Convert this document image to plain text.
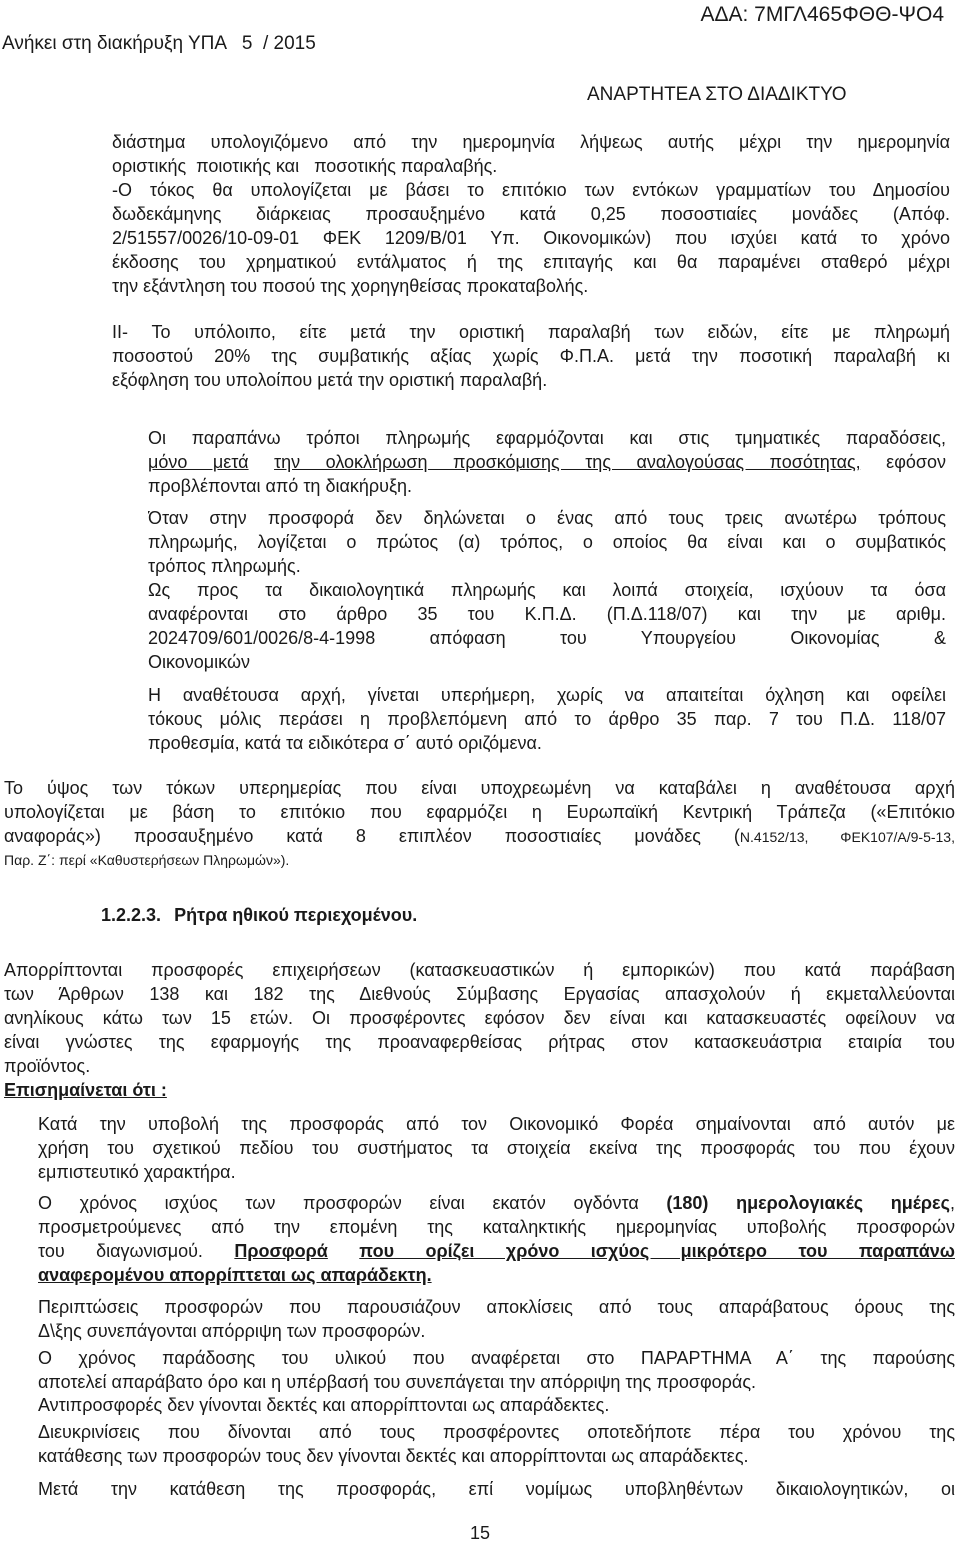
ΑΔΑ: 7ΜΓΛ465ΦΘΘ-ΨΟ4
Ανήκει στη διακήρυξη ΥΠΑ   5  / 2015
ΑΝΑΡΤΗΤΕΑ ΣΤΟ ΔΙΑΔΙΚΤΥΟ
διάστημα υπολογιζόμενο από την ημερομηνία λήψεως αυτής μέχρι την ημερομηνία
οριστικής  ποιοτικής και   ποσοτικής παραλαβής.
-Ο τόκος θα υπολογίζεται με βάσει το επιτόκιο των εντόκων γραμματίων του Δημοσίου
δωδεκάμηνης διάρκειας προσαυξημένο κατά 0,25 ποσοστιαίες μονάδες (Απόφ.
2/51557/0026/10-09-01 ΦΕΚ 1209/Β/01 Υπ. Οικονομικών) που ισχύει κατά το χρόνο
έκδοσης του χρηματικού εντάλματος ή της επιταγής και θα παραμένει σταθερό μέχρι
την εξάντληση του ποσού της χορηγηθείσας προκαταβολής.
II- Το υπόλοιπο, είτε μετά την οριστική παραλαβή των ειδών, είτε με πληρωμή
ποσοστού 20% της συμβατικής αξίας χωρίς Φ.Π.Α. μετά την ποσοτική παραλαβή κι
εξόφληση του υπολοίπου μετά την οριστική παραλαβή.
Οι παραπάνω τρόποι πληρωμής εφαρμόζονται και στις τμηματικές παραδόσεις,
μόνο μετά την ολοκλήρωση προσκόμισης της αναλογούσας ποσότητας, εφόσον
προβλέπονται από τη διακήρυξη.
Όταν στην προσφορά δεν δηλώνεται ο ένας από τους τρεις ανωτέρω τρόπους
πληρωμής, λογίζεται ο πρώτος (α) τρόπος, ο οποίος θα είναι και ο συμβατικός
τρόπος πληρωμής.
Ως προς τα δικαιολογητικά πληρωμής και λοιπά στοιχεία, ισχύουν τα όσα
αναφέρονται στο άρθρο 35 του Κ.Π.Δ. (Π.Δ.118/07) και την με αριθμ.
2024709/601/0026/8-4-1998 απόφαση του Υπουργείου Οικονομίας &
Οικονομικών
Η αναθέτουσα αρχή, γίνεται υπερήμερη, χωρίς να απαιτείται όχληση και οφείλει
τόκους μόλις περάσει η προβλεπόμενη από το άρθρο 35 παρ. 7 του Π.Δ. 118/07
προθεσμία, κατά τα ειδικότερα σ΄ αυτό οριζόμενα.
Το ύψος των τόκων υπερημερίας που είναι υποχρεωμένη να καταβάλει η αναθέτουσα αρχή
υπολογίζεται με βάση το επιτόκιο που εφαρμόζει η Ευρωπαϊκή Κεντρική Τράπεζα («Επιτόκιο
αναφοράς») προσαυξημένο κατά 8 επιπλέον ποσοστιαίες μονάδες (Ν.4152/13, ΦΕΚ107/Α/9-5-13,
Παρ. Ζ΄: περί «Καθυστερήσεων Πληρωμών»).
1.2.2.3. Ρήτρα ηθικού περιεχομένου.
Απορρίπτονται προσφορές επιχειρήσεων (κατασκευαστικών ή εμπορικών) που κατά παράβαση
των Άρθρων 138 και 182 της Διεθνούς Σύμβασης Εργασίας απασχολούν ή εκμεταλλεύονται
ανηλίκους κάτω των 15 ετών. Οι προσφέροντες εφόσον δεν είναι και κατασκευαστές οφείλουν να
είναι γνώστες της εφαρμογής της προαναφερθείσας ρήτρας στον κατασκευάστρια εταιρία του
προϊόντος.
Επισημαίνεται ότι :
Κατά την υποβολή της προσφοράς από τον Οικονομικό Φορέα σημαίνονται από αυτόν με
χρήση του σχετικού πεδίου του συστήματος τα στοιχεία εκείνα της προσφοράς του που έχουν
εμπιστευτικό χαρακτήρα.
Ο χρόνος ισχύος των προσφορών είναι εκατόν ογδόντα (180) ημερολογιακές ημέρες,
προσμετρούμενες από την επομένη της καταληκτικής ημερομηνίας υποβολής προσφορών
του διαγωνισμού. Προσφορά που ορίζει χρόνο ισχύος μικρότερο του παραπάνω
αναφερομένου απορρίπτεται ως απαράδεκτη.
Περιπτώσεις προσφορών που παρουσιάζουν αποκλίσεις από τους απαράβατους όρους της
Δ\ξης συνεπάγονται απόρριψη των προσφορών.
Ο χρόνος παράδοσης του υλικού που αναφέρεται στο ΠΑΡΑΡΤΗΜΑ Α΄ της παρούσης
αποτελεί απαράβατο όρο και η υπέρβασή του συνεπάγεται την απόρριψη της προσφοράς.
Αντιπροσφορές δεν γίνονται δεκτές και απορρίπτονται ως απαράδεκτες.
Διευκρινίσεις που δίνονται από τους προσφέροντες οποτεδήποτε πέρα του χρόνου της
κατάθεσης των προσφορών τους δεν γίνονται δεκτές και απορρίπτονται ως απαράδεκτες.
Μετά την κατάθεση της προσφοράς, επί νομίμως υποβληθέντων δικαιολογητικών, οι
15
